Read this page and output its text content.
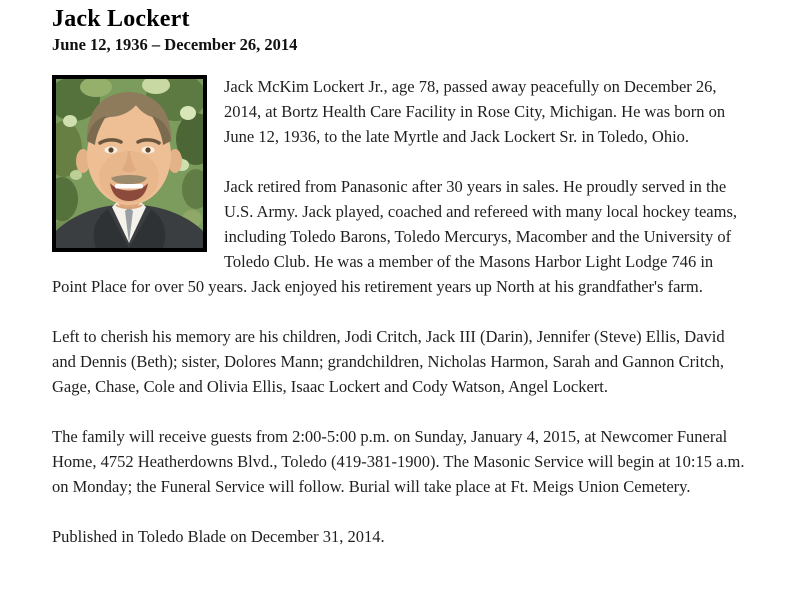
Jack Lockert
June 12, 1936 – December 26, 2014

Jack McKim Lockert Jr., age 78, passed away peacefully on December 26, 2014, at Bortz Health Care Facility in Rose City, Michigan. He was born on June 12, 1936, to the late Myrtle and Jack Lockert Sr. in Toledo, Ohio.

Jack retired from Panasonic after 30 years in sales. He proudly served in the U.S. Army. Jack played, coached and refereed with many local hockey teams, including Toledo Barons, Toledo Mercurys, Macomber and the University of Toledo Club. He was a member of the Masons Harbor Light Lodge 746 in Point Place for over 50 years. Jack enjoyed his retirement years up North at his grandfather's farm.

Left to cherish his memory are his children, Jodi Critch, Jack III (Darin), Jennifer (Steve) Ellis, David and Dennis (Beth); sister, Dolores Mann; grandchildren, Nicholas Harmon, Sarah and Gannon Critch, Gage, Chase, Cole and Olivia Ellis, Isaac Lockert and Cody Watson, Angel Lockert.

The family will receive guests from 2:00-5:00 p.m. on Sunday, January 4, 2015, at Newcomer Funeral Home, 4752 Heatherdowns Blvd., Toledo (419-381-1900). The Masonic Service will begin at 10:15 a.m. on Monday; the Funeral Service will follow. Burial will take place at Ft. Meigs Union Cemetery.

Published in Toledo Blade on December 31, 2014.
